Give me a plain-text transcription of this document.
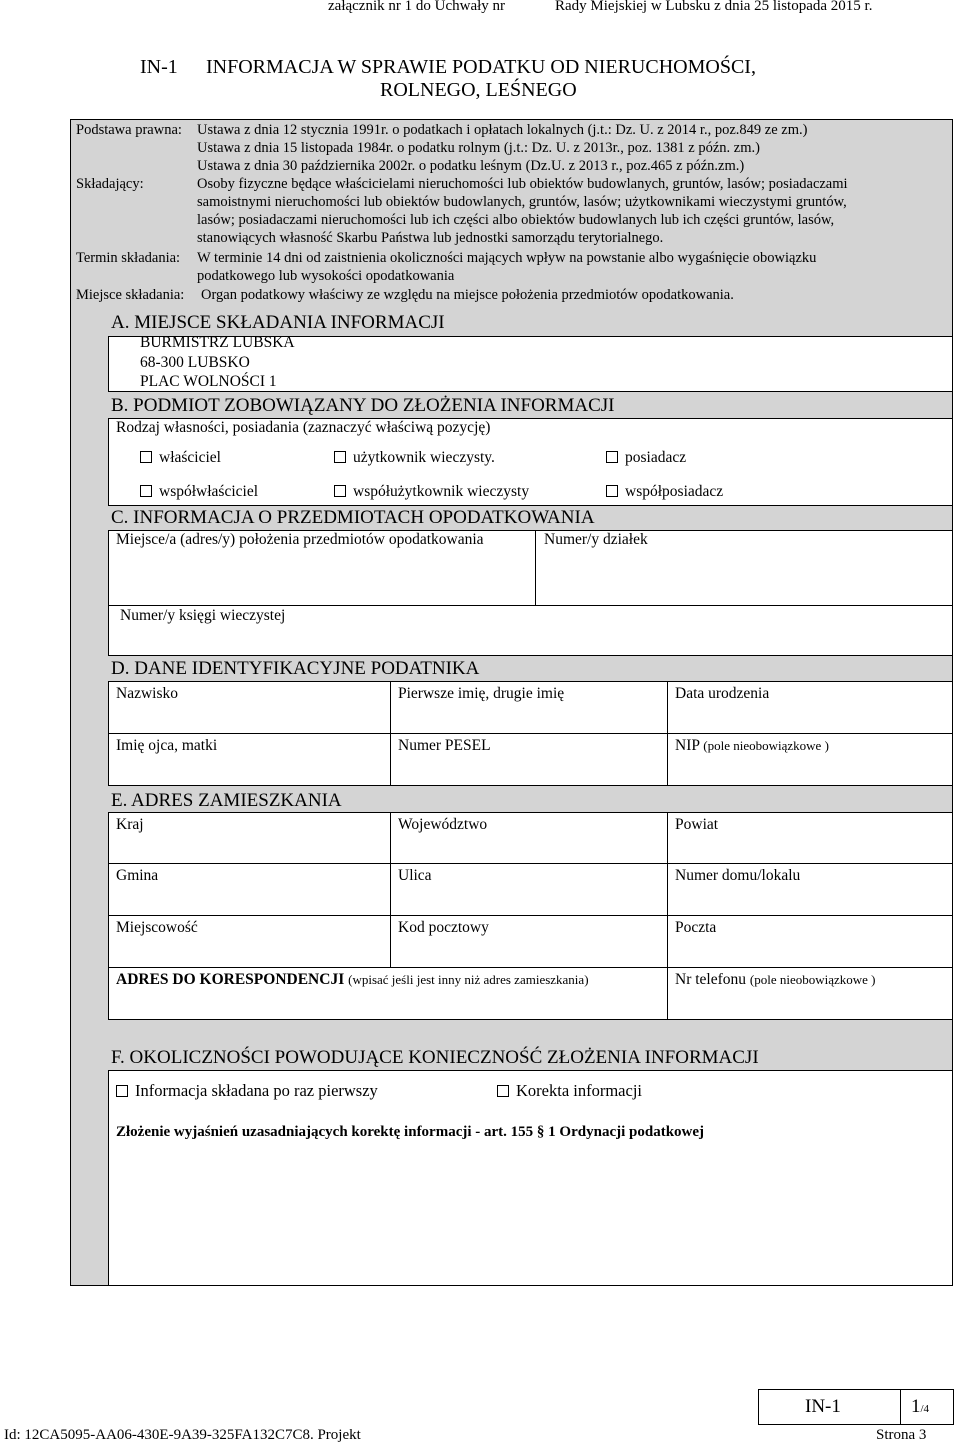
załącznik nr 1 do Uchwały nr	Rady Miejskiej w Lubsku z dnia 25 listopada 2015 r.
IN-1 INFORMACJA W SPRAWIE PODATKU OD NIERUCHOMOŚCI,
ROLNEGO, LEŚNEGO
Podstawa prawna: Ustawa z dnia 12 stycznia 1991r. o podatkach i opłatach lokalnych (j.t.: Dz. U. z 2014 r., poz.849 ze zm.)
Ustawa z dnia 15 listopada 1984r. o podatku rolnym (j.t.: Dz. U. z 2013r., poz. 1381 z późn. zm.)
Ustawa z dnia 30 października 2002r. o podatku leśnym (Dz.U. z 2013 r., poz.465 z późn.zm.)
Składający:	Osoby fizyczne będące właścicielami nieruchomości lub obiektów budowlanych, gruntów, lasów; posiadaczami
samoistnymi nieruchomości lub obiektów budowlanych, gruntów, lasów; użytkownikami wieczystymi gruntów,
lasów; posiadaczami nieruchomości lub ich części albo obiektów budowlanych lub ich części gruntów, lasów,
stanowiących własność Skarbu Państwa lub jednostki samorządu terytorialnego.
Termin składania: W terminie 14 dni od zaistnienia okoliczności mających wpływ na powstanie albo wygaśnięcie obowiązku
podatkowego lub wysokości opodatkowania
Miejsce składania: Organ podatkowy właściwy ze względu na miejsce położenia przedmiotów opodatkowania.
A. MIEJSCE SKŁADANIA INFORMACJI
BURMISTRZ LUBSKA
68-300 LUBSKO
PLAC WOLNOŚCI 1
B. PODMIOT ZOBOWIĄZANY DO ZŁOŻENIA INFORMACJI
Rodzaj własności, posiadania (zaznaczyć właściwą pozycję)
właściciel	użytkownik wieczysty.	posiadacz
współwłaściciel	współużytkownik wieczysty	współposiadacz
C. INFORMACJA O PRZEDMIOTACH OPODATKOWANIA
Miejsce/a (adres/y) położenia przedmiotów opodatkowania	Numer/y działek
Numer/y księgi wieczystej
D. DANE IDENTYFIKACYJNE PODATNIKA
Nazwisko	Pierwsze imię, drugie imię	Data urodzenia
Imię ojca, matki	Numer PESEL	NIP (pole nieobowiązkowe )
E. ADRES ZAMIESZKANIA
Kraj	Województwo	Powiat
Gmina	Ulica	Numer domu/lokalu
Miejscowość	Kod pocztowy	Poczta
ADRES DO KORESPONDENCJI (wpisać jeśli jest inny niż adres zamieszkania)	Nr telefonu (pole nieobowiązkowe )
F. OKOLICZNOŚCI POWODUJĄCE KONIECZNOŚĆ ZŁOŻENIA INFORMACJI
Informacja składana po raz pierwszy	Korekta informacji
Złożenie wyjaśnień uzasadniających korektę informacji - art. 155 § 1 Ordynacji podatkowej
IN-1	1/4
Id: 12CA5095-AA06-430E-9A39-325FA132C7C8. Projekt	Strona 3
